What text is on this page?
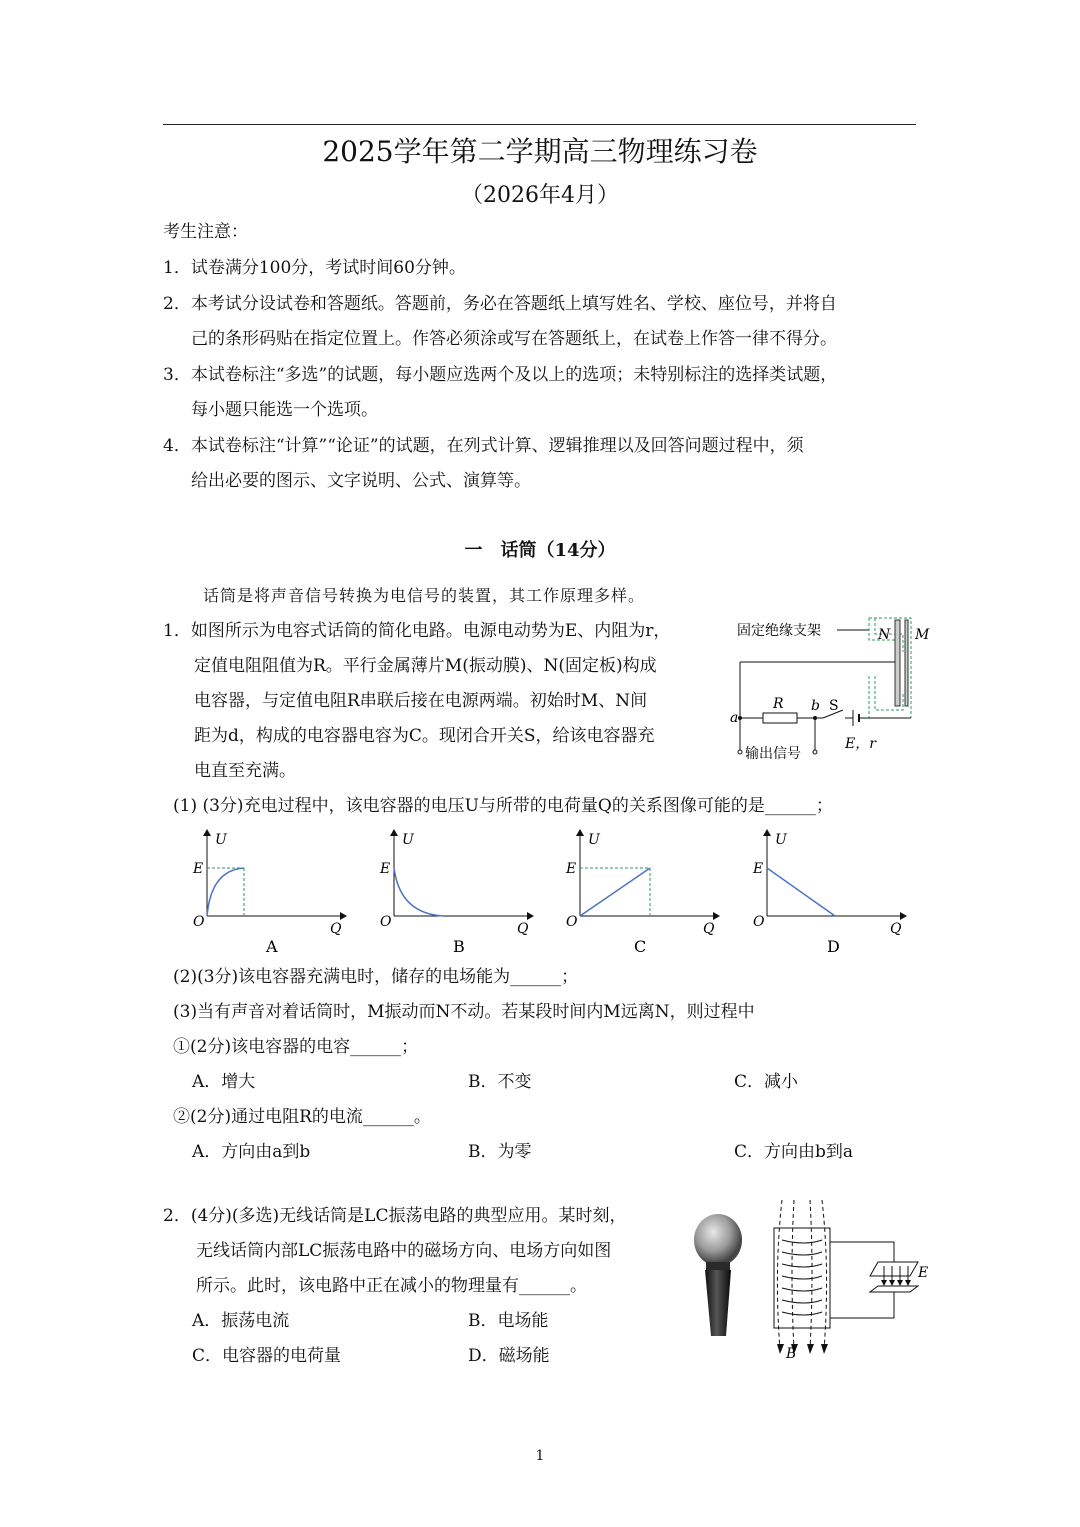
2025学年第二学期高三物理练习卷
（2026年4月）
考生注意：
1．试卷满分100分，考试时间60分钟。
2．本考试分设试卷和答题纸。答题前，务必在答题纸上填写姓名、学校、座位号，并将自
己的条形码贴在指定位置上。作答必须涂或写在答题纸上，在试卷上作答一律不得分。
3．本试卷标注“多选”的试题，每小题应选两个及以上的选项；未特别标注的选择类试题，
每小题只能选一个选项。
4．本试卷标注“计算”“论证”的试题，在列式计算、逻辑推理以及回答问题过程中，须
给出必要的图示、文字说明、公式、演算等。
一　话筒（14分）
话筒是将声音信号转换为电信号的装置，其工作原理多样。
1．如图所示为电容式话筒的简化电路。电源电动势为E、内阻为r，
定值电阻阻值为R。平行金属薄片M(振动膜)、N(固定板)构成
电容器，与定值电阻R串联后接在电源两端。初始时M、N间
距为d，构成的电容器电容为C。现闭合开关S，给该电容器充
电直至充满。
固定绝缘支架	N M
R b S
E，r
a
输出信号
(1) (3分)充电过程中，该电容器的电压U与所带的电荷量Q的关系图像可能的是______；
U
E
O	Q
A
U
E
O	Q
B
U
E
O	Q
C
U
E
O	Q
D
(2)(3分)该电容器充满电时，储存的电场能为______；
(3)当有声音对着话筒时，M振动而N不动。若某段时间内M远离N，则过程中
①(2分)该电容器的电容______；
A．增大	B．不变	C．减小
②(2分)通过电阻R的电流______。
A．方向由a到b	B．为零	C．方向由b到a
2．(4分)(多选)无线话筒是LC振荡电路的典型应用。某时刻，
无线话筒内部LC振荡电路中的磁场方向、电场方向如图
所示。此时，该电路中正在减小的物理量有______。
A．振荡电流	B．电场能
C．电容器的电荷量	D．磁场能
E
B
1
